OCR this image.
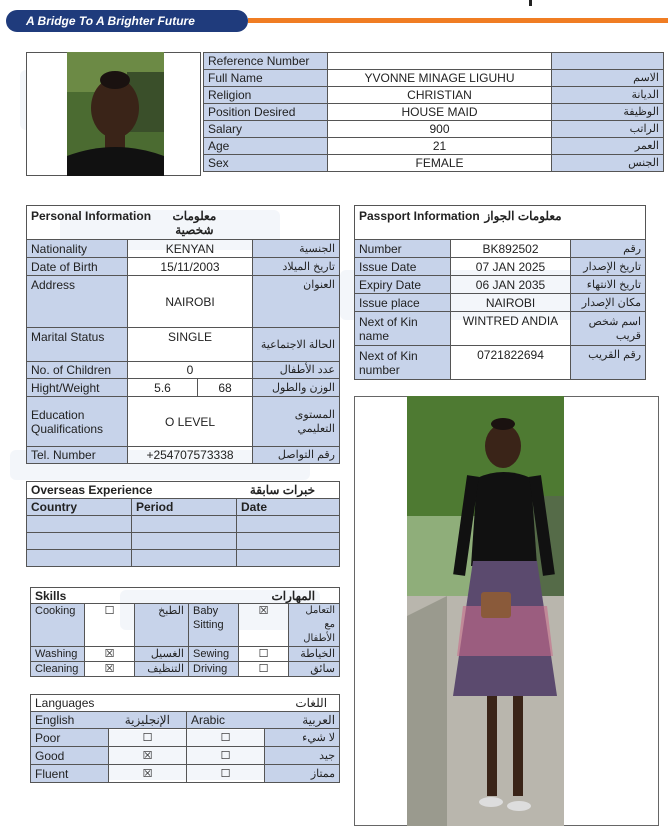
A Bridge To A Brighter Future
Reference Number		
Full Name	YVONNE MINAGE LIGUHU	الاسم
Religion	CHRISTIAN	الديانة
Position Desired	HOUSE MAID	الوظيفة
Salary	900	الراتب
Age	21	العمر
Sex	FEMALE	الجنس
Personal Information معلومات شخصية			
Nationality	KENYAN		الجنسية
Date of Birth	15/11/2003		تاريخ الميلاد
Address	NAIROBI		العنوان
Marital Status	SINGLE		الحالة الاجتماعية
No. of Children	0		عدد الأطفال
Hight/Weight	5.6	68	الوزن والطول
Education Qualifications	O LEVEL		المستوى التعليمي
Tel. Number	+254707573338		رقم التواصل
Passport Information معلومات الجواز		
Number	BK892502	رقم
Issue Date	07 JAN 2025	تاريخ الإصدار
Expiry Date	06 JAN 2035	تاريخ الانتهاء
Issue place	NAIROBI	مكان الإصدار
Next of Kin name	WINTRED ANDIA	اسم شخص قريب
Next of Kin number	0721822694	رقم القريب
Overseas Experience خبرات سابقة		

Country	Period	Date

Skills المهارات					

Cooking	☐	الطبخ	Baby Sitting	☒	التعامل مع الأطفال
Washing	☒	الغسيل	Sewing	☐	الخياطة
Cleaning	☒	التنظيف	Driving	☐	سائق
Languages اللغات			

English الإنجليزية		Arabic العربية	

Poor	☐	☐	لا شيء
Good	☒	☐	جيد
Fluent	☒	☐	ممتاز
